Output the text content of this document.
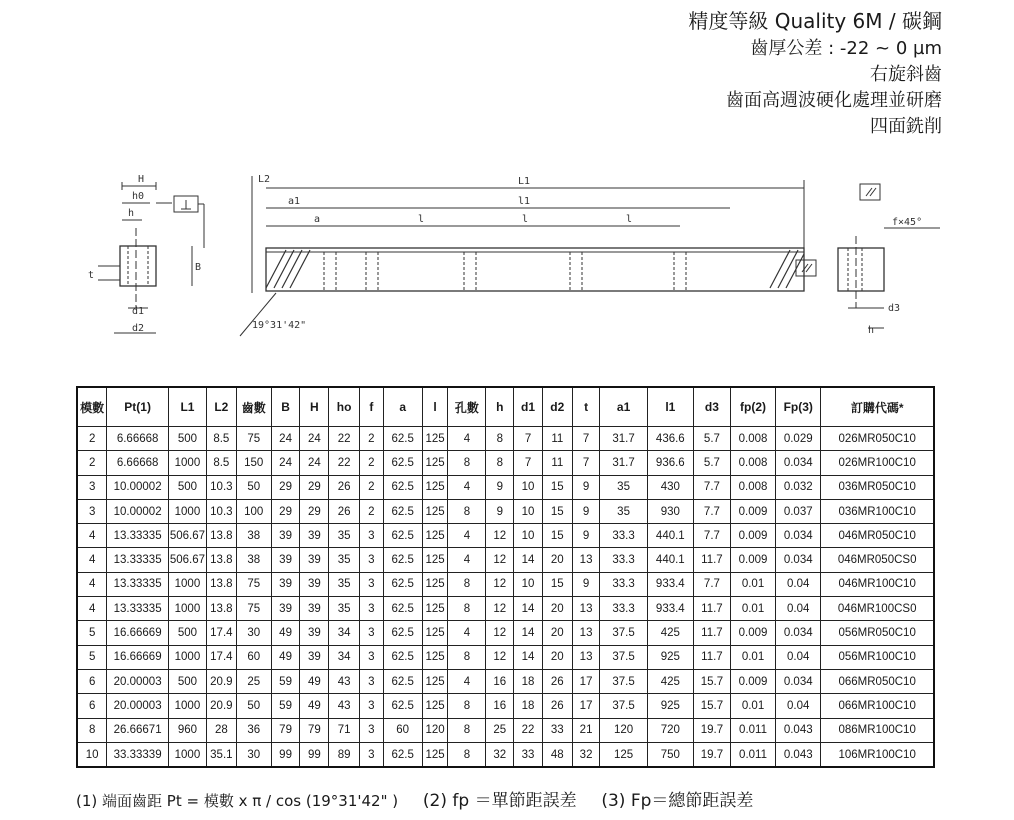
精度等級 Quality 6M / 碳鋼
齒厚公差 : -22 ~ 0 µm
右旋斜齒
齒面高週波硬化處理並研磨
四面銑削
H
h0
h
B
t
d1
d2
L2	L1
l1
a1
a	l	l	l
19°31'42"
f×45°
d3
h
模數	Pt(1)	L1	L2	齒數	B	H	ho	f	a	l	孔數	h	d1	d2	t	a1	l1	d3	fp(2)	Fp(3)	訂購代碼*
2	6.66668	500	8.5	75	24	24	22	2	62.5	125	4	8	7	11	7	31.7	436.6	5.7	0.008	0.029	026MR050C10
2	6.66668	1000	8.5	150	24	24	22	2	62.5	125	8	8	7	11	7	31.7	936.6	5.7	0.008	0.034	026MR100C10
3	10.00002	500	10.3	50	29	29	26	2	62.5	125	4	9	10	15	9	35	430	7.7	0.008	0.032	036MR050C10
3	10.00002	1000	10.3	100	29	29	26	2	62.5	125	8	9	10	15	9	35	930	7.7	0.009	0.037	036MR100C10
4	13.33335	506.67	13.8	38	39	39	35	3	62.5	125	4	12	10	15	9	33.3	440.1	7.7	0.009	0.034	046MR050C10
4	13.33335	506.67	13.8	38	39	39	35	3	62.5	125	4	12	14	20	13	33.3	440.1	11.7	0.009	0.034	046MR050CS0
4	13.33335	1000	13.8	75	39	39	35	3	62.5	125	8	12	10	15	9	33.3	933.4	7.7	0.01	0.04	046MR100C10
4	13.33335	1000	13.8	75	39	39	35	3	62.5	125	8	12	14	20	13	33.3	933.4	11.7	0.01	0.04	046MR100CS0
5	16.66669	500	17.4	30	49	39	34	3	62.5	125	4	12	14	20	13	37.5	425	11.7	0.009	0.034	056MR050C10
5	16.66669	1000	17.4	60	49	39	34	3	62.5	125	8	12	14	20	13	37.5	925	11.7	0.01	0.04	056MR100C10
6	20.00003	500	20.9	25	59	49	43	3	62.5	125	4	16	18	26	17	37.5	425	15.7	0.009	0.034	066MR050C10
6	20.00003	1000	20.9	50	59	49	43	3	62.5	125	8	16	18	26	17	37.5	925	15.7	0.01	0.04	066MR100C10
8	26.66671	960	28	36	79	79	71	3	60	120	8	25	22	33	21	120	720	19.7	0.011	0.043	086MR100C10
10	33.33339	1000	35.1	30	99	99	89	3	62.5	125	8	32	33	48	32	125	750	19.7	0.011	0.043	106MR100C10
(1) 端面齒距 Pt = 模數 x π / cos (19°31'42" ) (2) fp ＝單節距誤差 (3) Fp＝總節距誤差
